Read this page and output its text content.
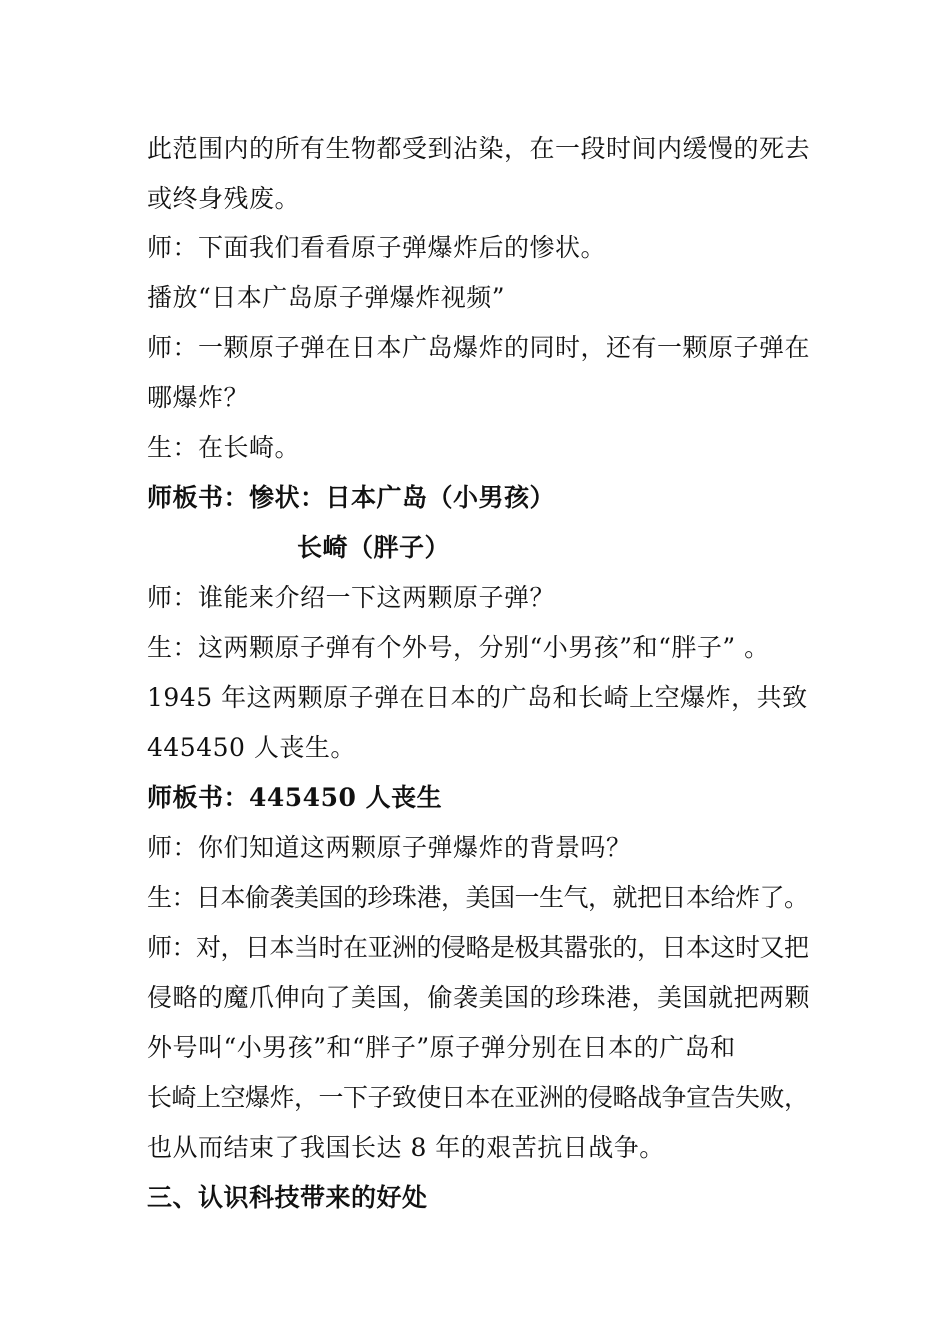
此范围内的所有生物都受到沾染，在一段时间内缓慢的死去
或终身残废。
师：下面我们看看原子弹爆炸后的惨状。
播放“日本广岛原子弹爆炸视频”
师：一颗原子弹在日本广岛爆炸的同时，还有一颗原子弹在
哪爆炸？
生：在长崎。
师板书：惨状：日本广岛（小男孩）
长崎（胖子）
师：谁能来介绍一下这两颗原子弹？
生：这两颗原子弹有个外号，分别“小男孩”和“胖子” 。
1945 年这两颗原子弹在日本的广岛和长崎上空爆炸，共致
445450 人丧生。
师板书：445450 人丧生
师：你们知道这两颗原子弹爆炸的背景吗？
生：日本偷袭美国的珍珠港，美国一生气，就把日本给炸了。
师：对，日本当时在亚洲的侵略是极其嚣张的，日本这时又把
侵略的魔爪伸向了美国，偷袭美国的珍珠港，美国就把两颗
外号叫“小男孩”和“胖子”原子弹分别在日本的广岛和
长崎上空爆炸，一下子致使日本在亚洲的侵略战争宣告失败，
也从而结束了我国长达 8 年的艰苦抗日战争。
三、认识科技带来的好处
